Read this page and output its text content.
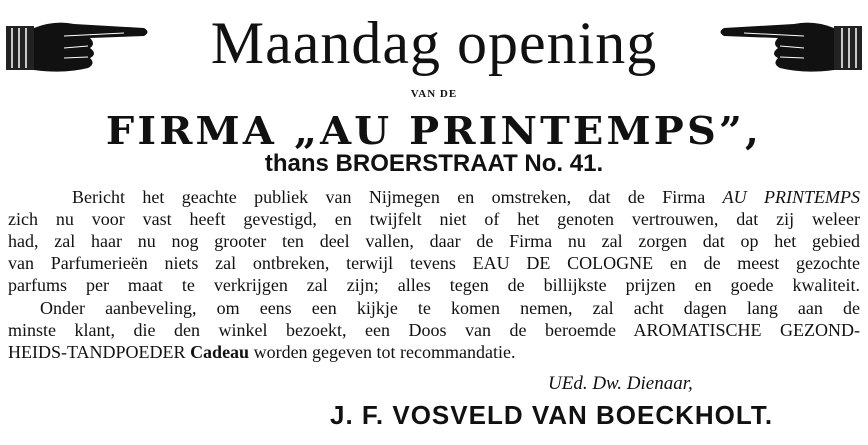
Maandag opening
VAN DE
FIRMA „AU PRINTEMPS”,
thans BROERSTRAAT No. 41.
Bericht het geachte publiek van Nijmegen en omstreken, dat de Firma AU PRINTEMPS
zich nu voor vast heeft gevestigd, en twijfelt niet of het genoten vertrouwen, dat zij weleer
had, zal haar nu nog grooter ten deel vallen, daar de Firma nu zal zorgen dat op het gebied
van Parfumerieën niets zal ontbreken, terwijl tevens EAU DE COLOGNE en de meest gezochte
parfums per maat te verkrijgen zal zijn; alles tegen de billijkste prijzen en goede kwaliteit.
Onder aanbeveling, om eens een kijkje te komen nemen, zal acht dagen lang aan de
minste klant, die den winkel bezoekt, een Doos van de beroemde AROMATISCHE GEZOND-
HEIDS-TANDPOEDER Cadeau worden gegeven tot recommandatie.
UEd. Dw. Dienaar,
J. F. VOSVELD VAN BOECKHOLT.
